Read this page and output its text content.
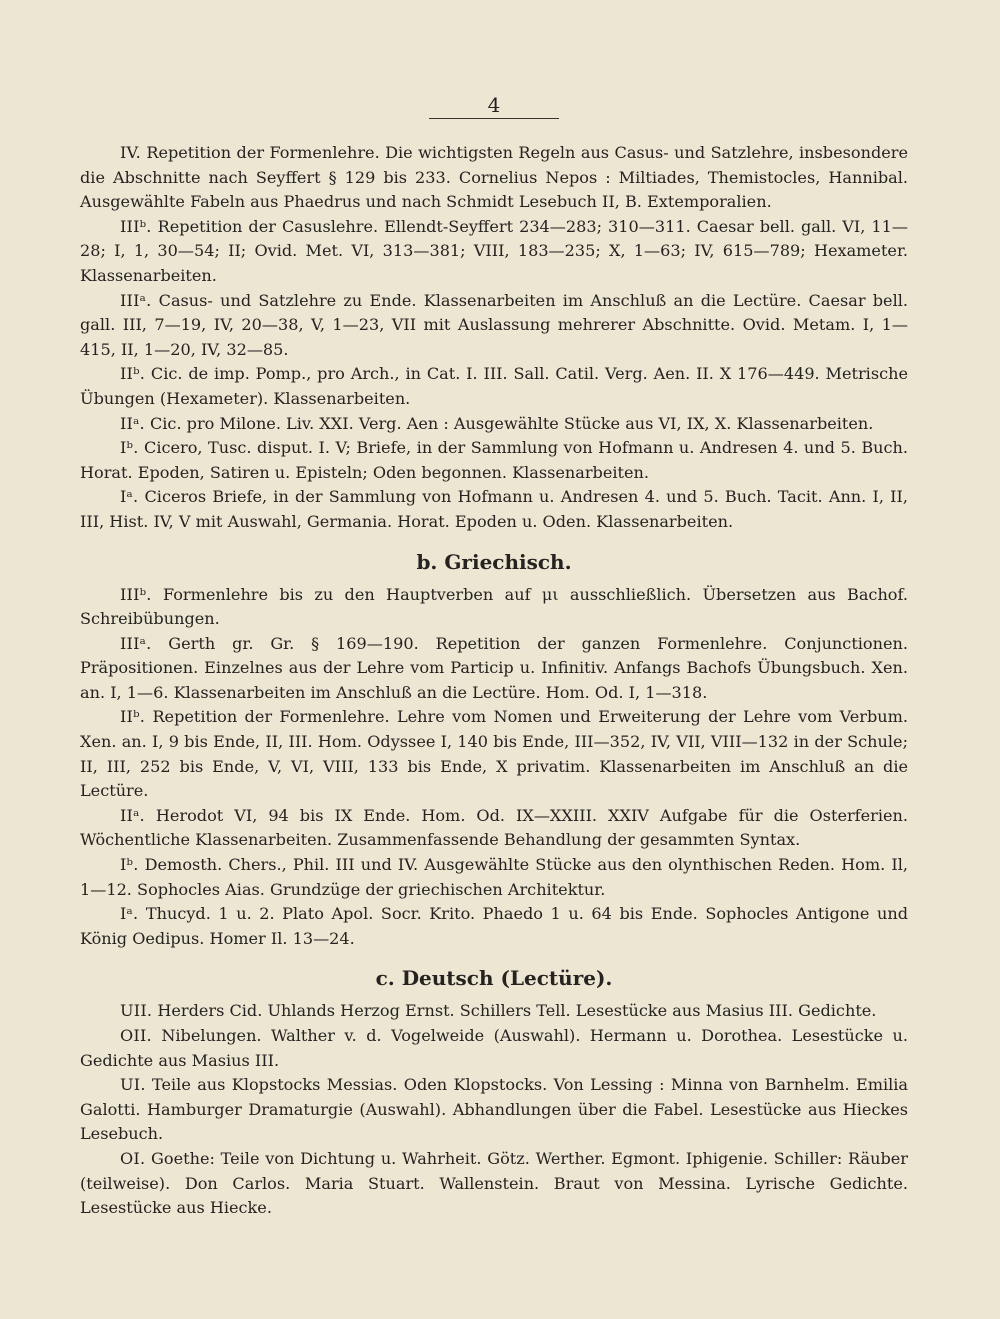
4

IV. Repetition der Formenlehre. Die wichtigsten Regeln aus Casus- und Satzlehre, insbesondere die Abschnitte nach Seyffert § 129 bis 233. Cornelius Nepos : Miltiades, Themistocles, Hannibal. Ausgewählte Fabeln aus Phaedrus und nach Schmidt Lesebuch II, B. Extemporalien.

IIIᵇ. Repetition der Casuslehre. Ellendt-Seyffert 234—283; 310—311. Caesar bell. gall. VI, 11—28; I, 1, 30—54; II; Ovid. Met. VI, 313—381; VIII, 183—235; X, 1—63; IV, 615—789; Hexameter. Klassenarbeiten.

IIIᵃ. Casus- und Satzlehre zu Ende. Klassenarbeiten im Anschluß an die Lectüre. Caesar bell. gall. III, 7—19, IV, 20—38, V, 1—23, VII mit Auslassung mehrerer Abschnitte. Ovid. Metam. I, 1—415, II, 1—20, IV, 32—85.

IIᵇ. Cic. de imp. Pomp., pro Arch., in Cat. I. III. Sall. Catil. Verg. Aen. II. X 176—449. Metrische Übungen (Hexameter). Klassenarbeiten.

IIᵃ. Cic. pro Milone. Liv. XXI. Verg. Aen : Ausgewählte Stücke aus VI, IX, X. Klassenarbeiten.

Iᵇ. Cicero, Tusc. disput. I. V; Briefe, in der Sammlung von Hofmann u. Andresen 4. und 5. Buch. Horat. Epoden, Satiren u. Episteln; Oden begonnen. Klassenarbeiten.

Iᵃ. Ciceros Briefe, in der Sammlung von Hofmann u. Andresen 4. und 5. Buch. Tacit. Ann. I, II, III, Hist. IV, V mit Auswahl, Germania. Horat. Epoden u. Oden. Klassenarbeiten.

b. Griechisch.

IIIᵇ. Formenlehre bis zu den Hauptverben auf μι ausschließlich. Übersetzen aus Bachof. Schreibübungen.

IIIᵃ. Gerth gr. Gr. § 169—190. Repetition der ganzen Formenlehre. Conjunctionen. Präpositionen. Einzelnes aus der Lehre vom Particip u. Infinitiv. Anfangs Bachofs Übungsbuch. Xen. an. I, 1—6. Klassenarbeiten im Anschluß an die Lectüre. Hom. Od. I, 1—318.

IIᵇ. Repetition der Formenlehre. Lehre vom Nomen und Erweiterung der Lehre vom Verbum. Xen. an. I, 9 bis Ende, II, III. Hom. Odyssee I, 140 bis Ende, III—352, IV, VII, VIII—132 in der Schule; II, III, 252 bis Ende, V, VI, VIII, 133 bis Ende, X privatim. Klassenarbeiten im Anschluß an die Lectüre.

IIᵃ. Herodot VI, 94 bis IX Ende. Hom. Od. IX—XXIII. XXIV Aufgabe für die Osterferien. Wöchentliche Klassenarbeiten. Zusammenfassende Behandlung der gesammten Syntax.

Iᵇ. Demosth. Chers., Phil. III und IV. Ausgewählte Stücke aus den olynthischen Reden. Hom. Il, 1—12. Sophocles Aias. Grundzüge der griechischen Architektur.

Iᵃ. Thucyd. 1 u. 2. Plato Apol. Socr. Krito. Phaedo 1 u. 64 bis Ende. Sophocles Antigone und König Oedipus. Homer Il. 13—24.

c. Deutsch (Lectüre).

UII. Herders Cid. Uhlands Herzog Ernst. Schillers Tell. Lesestücke aus Masius III. Gedichte.

OII. Nibelungen. Walther v. d. Vogelweide (Auswahl). Hermann u. Dorothea. Lesestücke u. Gedichte aus Masius III.

UI. Teile aus Klopstocks Messias. Oden Klopstocks. Von Lessing : Minna von Barnhelm. Emilia Galotti. Hamburger Dramaturgie (Auswahl). Abhandlungen über die Fabel. Lesestücke aus Hieckes Lesebuch.

OI. Goethe: Teile von Dichtung u. Wahrheit. Götz. Werther. Egmont. Iphigenie. Schiller: Räuber (teilweise). Don Carlos. Maria Stuart. Wallenstein. Braut von Messina. Lyrische Gedichte. Lesestücke aus Hiecke.
